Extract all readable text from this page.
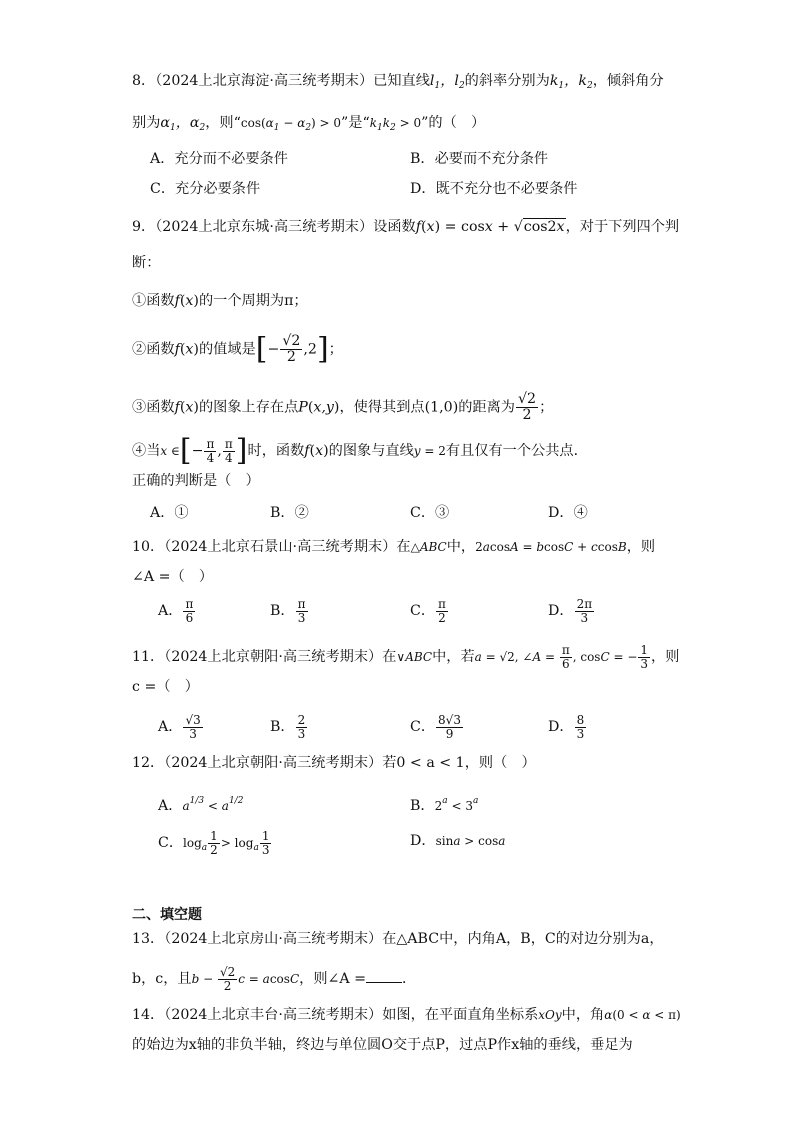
8．（2024上北京海淀·高三统考期末）已知直线$l_1$，$l_2$的斜率分别为$k_1$，$k_2$，倾斜角分
别为$\alpha_1$，$\alpha_2$，则“$\cos(\alpha_1 - \alpha_2) > 0$”是“$k_1k_2 > 0$”的（　）
A．充分而不必要条件	B．必要而不充分条件
C．充分必要条件	D．既不充分也不必要条件
9．（2024上北京东城·高三统考期末）设函数f(x) = cosx + √cos2x，对于下列四个判
断：
①函数f(x)的一个周期为π；
②函数f(x)的值域是[− $\frac{√2}{2} ,2$]；
③函数f(x)的图象上存在点P(x,y)，使得其到点(1,0)的距离为 $\frac{√2}{2}$ ；
④当x ∈[− $\frac{\pi}{4}$ , $\frac{\pi}{4}$ ]时，函数f(x)的图象与直线y = 2有且仅有一个公共点．
正确的判断是（　）
A．①	B．②	C．③	D．④
10．（2024上北京石景山·高三统考期末）在△ABC中，2acosA = bcosC + ccosB，则
∠A =（　）
A． $\frac{\pi}{6}$	B． $\frac{\pi}{3}$	C． $\frac{\pi}{2}$	D． $\frac{2\pi}{3}$
11．（2024上北京朝阳·高三统考期末）在∨ABC中，若a = √2, ∠A = $\frac{\pi}{6}$ , cosC = − $\frac{1}{3}$ ，则
c =（　）
A． $\frac{√3}{3}$	B． $\frac{2}{3}$	C． $\frac{8√3}{9}$	D． $\frac{8}{3}$
12．（2024上北京朝阳·高三统考期末）若0 < a < 1，则（　）
A．$a^{1/3} < a^{1/2}$	B．$2^a < 3^a$
C．$\log_a \frac{1}{2} > \log_a \frac{1}{3}$	D．sina > cosa
二、填空题
13．（2024上北京房山·高三统考期末）在△ABC中，内角A，B，C的对边分别为a，
b，c，且$b - \frac{√2}{2}$ c = acosC，则∠A =	．
14．（2024上北京丰台·高三统考期末）如图，在平面直角坐标系xOy中，角α(0 < α < π)
的始边为x轴的非负半轴，终边与单位圆O交于点P，过点P作x轴的垂线，垂足为
